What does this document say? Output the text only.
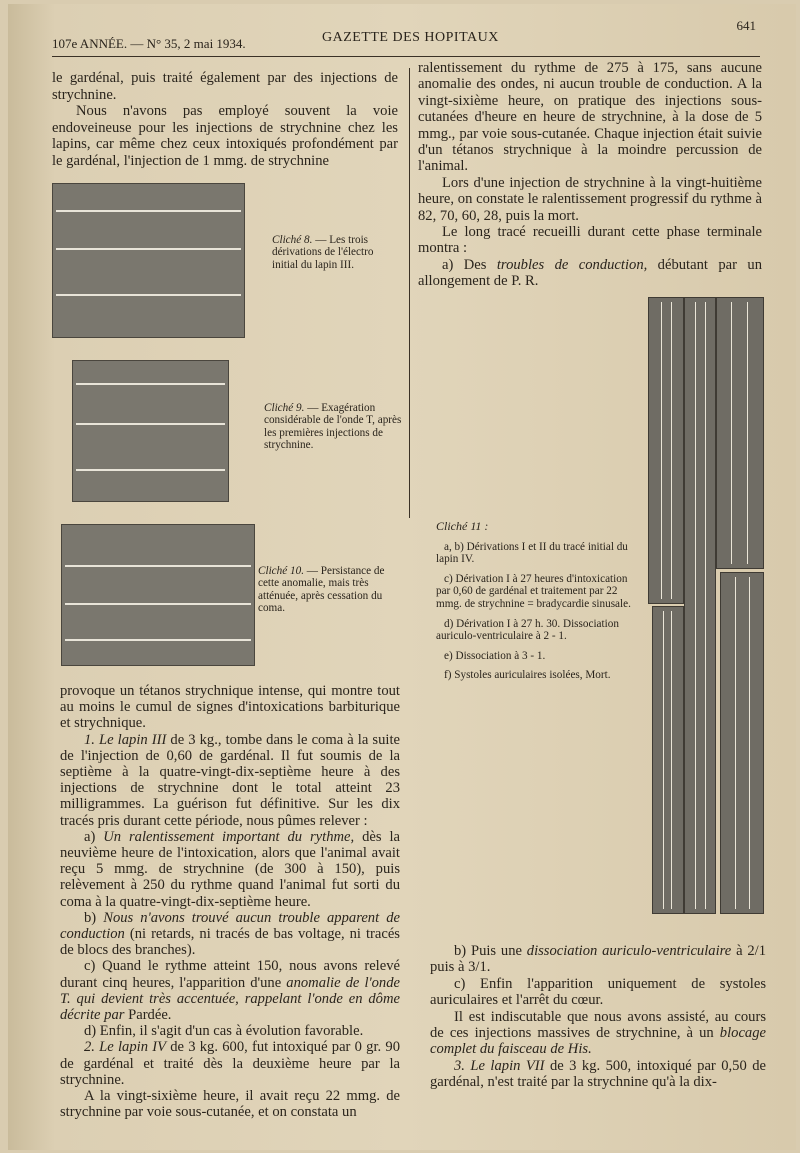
107e ANNÉE. — N° 35, 2 mai 1934.	GAZETTE DES HOPITAUX
641

le gardénal, puis traité également par des injections de strychnine.

Nous n'avons pas employé souvent la voie endoveineuse pour les injections de strychnine chez les lapins, car même chez ceux intoxiqués profondément par le gardénal, l'injection de 1 mmg. de strychnine

Cliché 8. — Les trois dérivations de l'électro initial du lapin III.
Cliché 9. — Exagération considérable de l'onde T, après les premières injections de strychnine.
Cliché 10. — Persistance de cette anomalie, mais très atténuée, après cessation du coma.

provoque un tétanos strychnique intense, qui montre tout au moins le cumul de signes d'intoxications barbiturique et strychnique.

1. Le lapin III de 3 kg., tombe dans le coma à la suite de l'injection de 0,60 de gardénal. Il fut soumis de la septième à la quatre-vingt-dix-septième heure à des injections de strychnine dont le total atteint 23 milligrammes. La guérison fut définitive. Sur les dix tracés pris durant cette période, nous pûmes relever :

a) Un ralentissement important du rythme, dès la neuvième heure de l'intoxication, alors que l'animal avait reçu 5 mmg. de strychnine (de 300 à 150), puis relèvement à 250 du rythme quand l'animal fut sorti du coma à la quatre-vingt-dix-septième heure.

b) Nous n'avons trouvé aucun trouble apparent de conduction (ni retards, ni tracés de bas voltage, ni tracés de blocs des branches).

c) Quand le rythme atteint 150, nous avons relevé durant cinq heures, l'apparition d'une anomalie de l'onde T. qui devient très accentuée, rappelant l'onde en dôme décrite par Pardée.

d) Enfin, il s'agit d'un cas à évolution favorable.

2. Le lapin IV de 3 kg. 600, fut intoxiqué par 0 gr. 90 de gardénal et traité dès la deuxième heure par la strychnine.

A la vingt-sixième heure, il avait reçu 22 mmg. de strychnine par voie sous-cutanée, et on constata un

ralentissement du rythme de 275 à 175, sans aucune anomalie des ondes, ni aucun trouble de conduction. A la vingt-sixième heure, on pratique des injections sous-cutanées d'heure en heure de strychnine, à la dose de 5 mmg., par voie sous-cutanée. Chaque injection était suivie d'un tétanos strychnique à la moindre percussion de l'animal.

Lors d'une injection de strychnine à la vingt-huitième heure, on constate le ralentissement progressif du rythme à 82, 70, 60, 28, puis la mort.

Le long tracé recueilli durant cette phase terminale montra :

a) Des troubles de conduction, débutant par un allongement de P. R.

Cliché 11 :

a, b) Dérivations I et II du tracé initial du lapin IV.

c) Dérivation I à 27 heures d'intoxication par 0,60 de gardénal et traitement par 22 mmg. de strychnine = bradycardie sinusale.

d) Dérivation I à 27 h. 30. Dissociation auriculo-ventriculaire à 2 - 1.

e) Dissociation à 3 - 1.

f) Systoles auriculaires isolées, Mort.

b) Puis une dissociation auriculo-ventriculaire à 2/1 puis à 3/1.

c) Enfin l'apparition uniquement de systoles auriculaires et l'arrêt du cœur.

Il est indiscutable que nous avons assisté, au cours de ces injections massives de strychnine, à un blocage complet du faisceau de His.

3. Le lapin VII de 3 kg. 500, intoxiqué par 0,50 de gardénal, n'est traité par la strychnine qu'à la dix-
